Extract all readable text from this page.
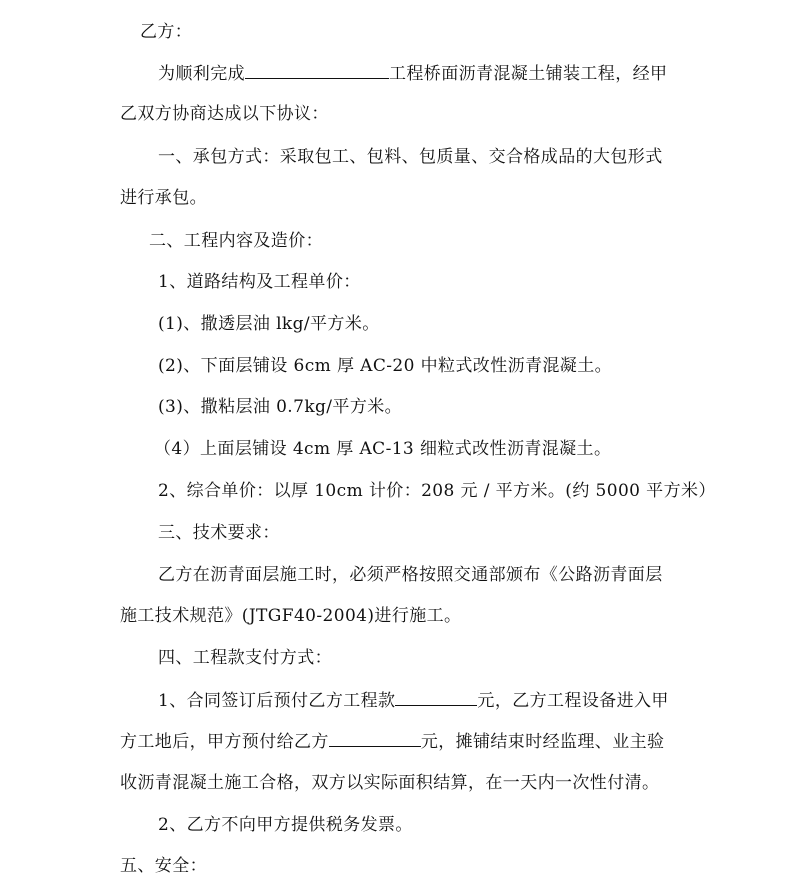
乙方：
为顺利完成	工程桥面沥青混凝土铺装工程，经甲
乙双方协商达成以下协议：
一、承包方式：采取包工、包料、包质量、交合格成品的大包形式
进行承包。
二、工程内容及造价：
1、道路结构及工程单价：
(1)、撒透层油 lkg/平方米。
(2)、下面层铺设 6cm 厚 AC-20 中粒式改性沥青混凝土。
(3)、撒粘层油 0.7kg/平方米。
（4）上面层铺设 4cm 厚 AC-13 细粒式改性沥青混凝土。
2、综合单价：以厚 10cm 计价：208 元 / 平方米。(约 5000 平方米）
三、技术要求：
乙方在沥青面层施工时，必须严格按照交通部颁布《公路沥青面层
施工技术规范》(JTGF40-2004)进行施工。
四、工程款支付方式：
1、合同签订后预付乙方工程款	元，乙方工程设备进入甲
方工地后，甲方预付给乙方	元，摊铺结束时经监理、业主验
收沥青混凝土施工合格，双方以实际面积结算，在一天内一次性付清。
2、乙方不向甲方提供税务发票。
五、安全：
